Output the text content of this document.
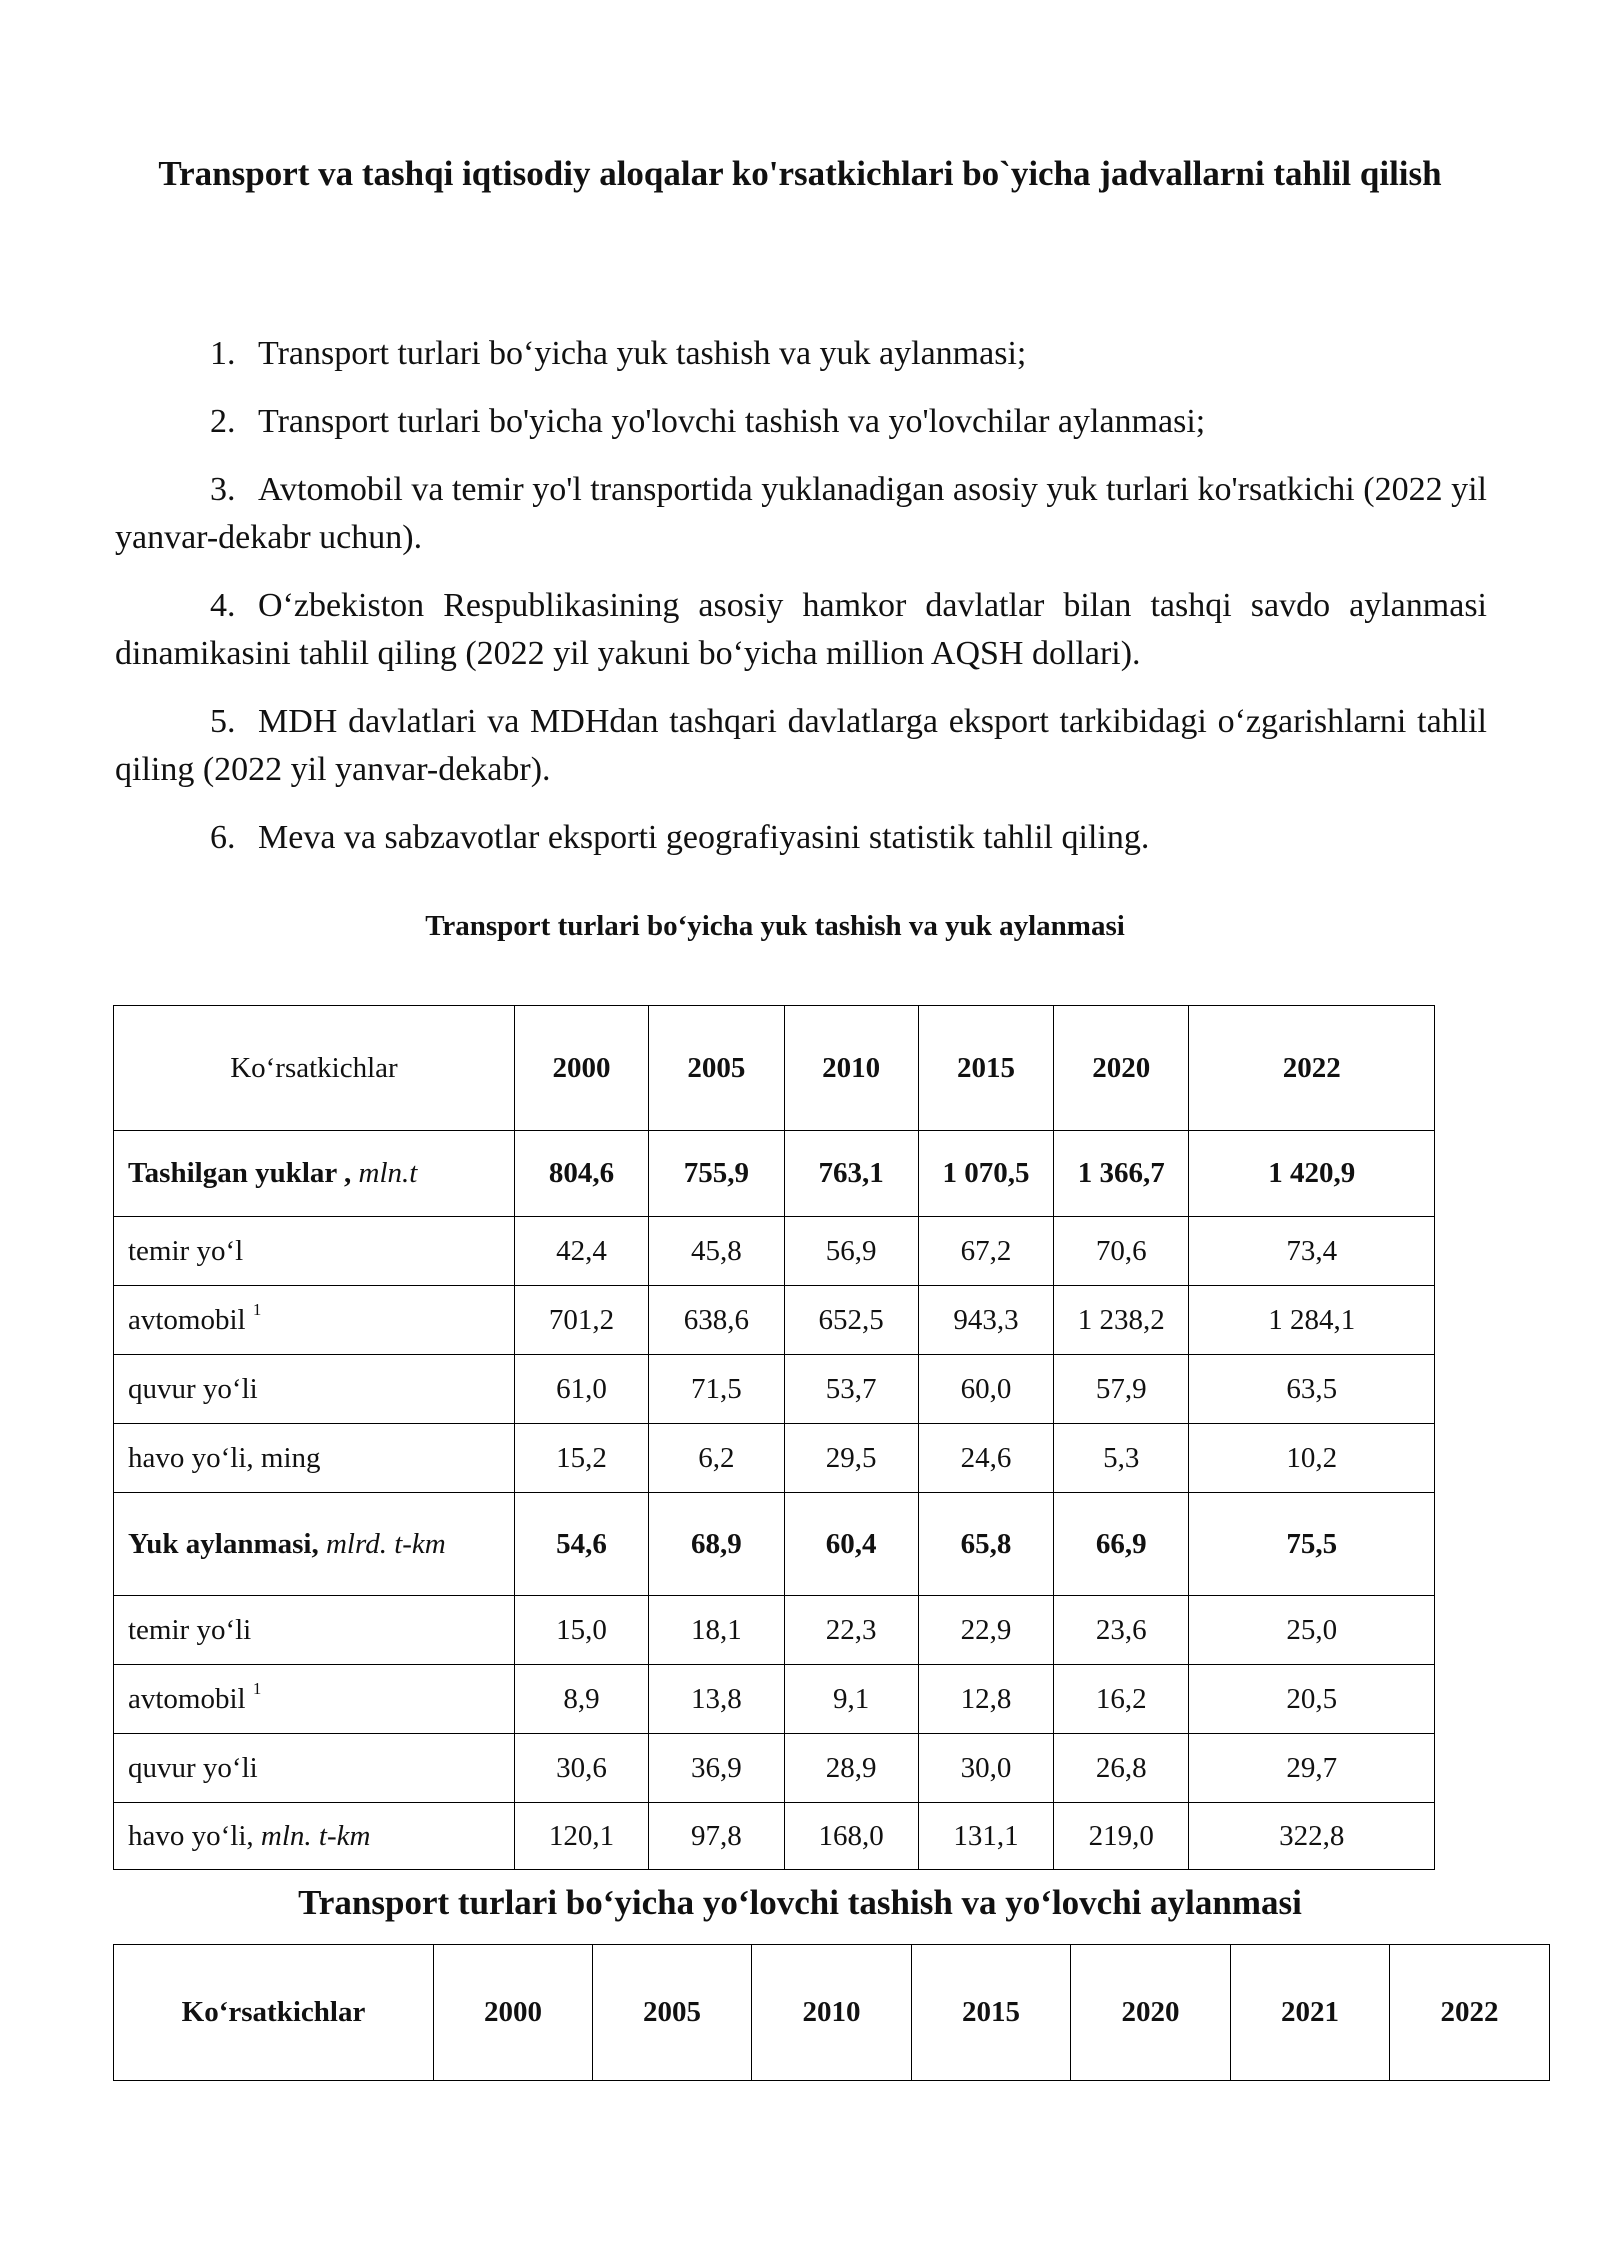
Transport va tashqi iqtisodiy aloqalar ko'rsatkichlari bo`yicha jadvallarni tahlil qilish

1. Transport turlari bo‘yicha yuk tashish va yuk aylanmasi;

2. Transport turlari bo'yicha yo'lovchi tashish va yo'lovchilar aylanmasi;

3. Avtomobil va temir yo'l transportida yuklanadigan asosiy yuk turlari ko'rsatkichi (2022 yil yanvar-dekabr uchun).

4. O‘zbekiston Respublikasining asosiy hamkor davlatlar bilan tashqi savdo aylanmasi dinamikasini tahlil qiling (2022 yil yakuni bo‘yicha million AQSH dollari).

5. MDH davlatlari va MDHdan tashqari davlatlarga eksport tarkibidagi o‘zgarishlarni tahlil qiling (2022 yil yanvar-dekabr).

6. Meva va sabzavotlar eksporti geografiyasini statistik tahlil qiling.

Transport turlari bo‘yicha yuk tashish va yuk aylanmasi
Ko‘rsatkichlar	2000	2005	2010	2015	2020	2022
Tashilgan yuklar , mln.t	804,6	755,9	763,1	1 070,5	1 366,7	1 420,9
temir yo‘l	42,4	45,8	56,9	67,2	70,6	73,4
avtomobil $^1$	701,2	638,6	652,5	943,3	1 238,2	1 284,1
quvur yo‘li	61,0	71,5	53,7	60,0	57,9	63,5
havo yo‘li, ming	15,2	6,2	29,5	24,6	5,3	10,2
Yuk aylanmasi, mlrd. t-km	54,6	68,9	60,4	65,8	66,9	75,5
temir yo‘li	15,0	18,1	22,3	22,9	23,6	25,0
avtomobil $^1$	8,9	13,8	9,1	12,8	16,2	20,5
quvur yo‘li	30,6	36,9	28,9	30,0	26,8	29,7
havo yo‘li, mln. t-km	120,1	97,8	168,0	131,1	219,0	322,8
Transport turlari bo‘yicha yo‘lovchi tashish va yo‘lovchi aylanmasi
Ko‘rsatkichlar	2000	2005	2010	2015	2020	2021	2022
